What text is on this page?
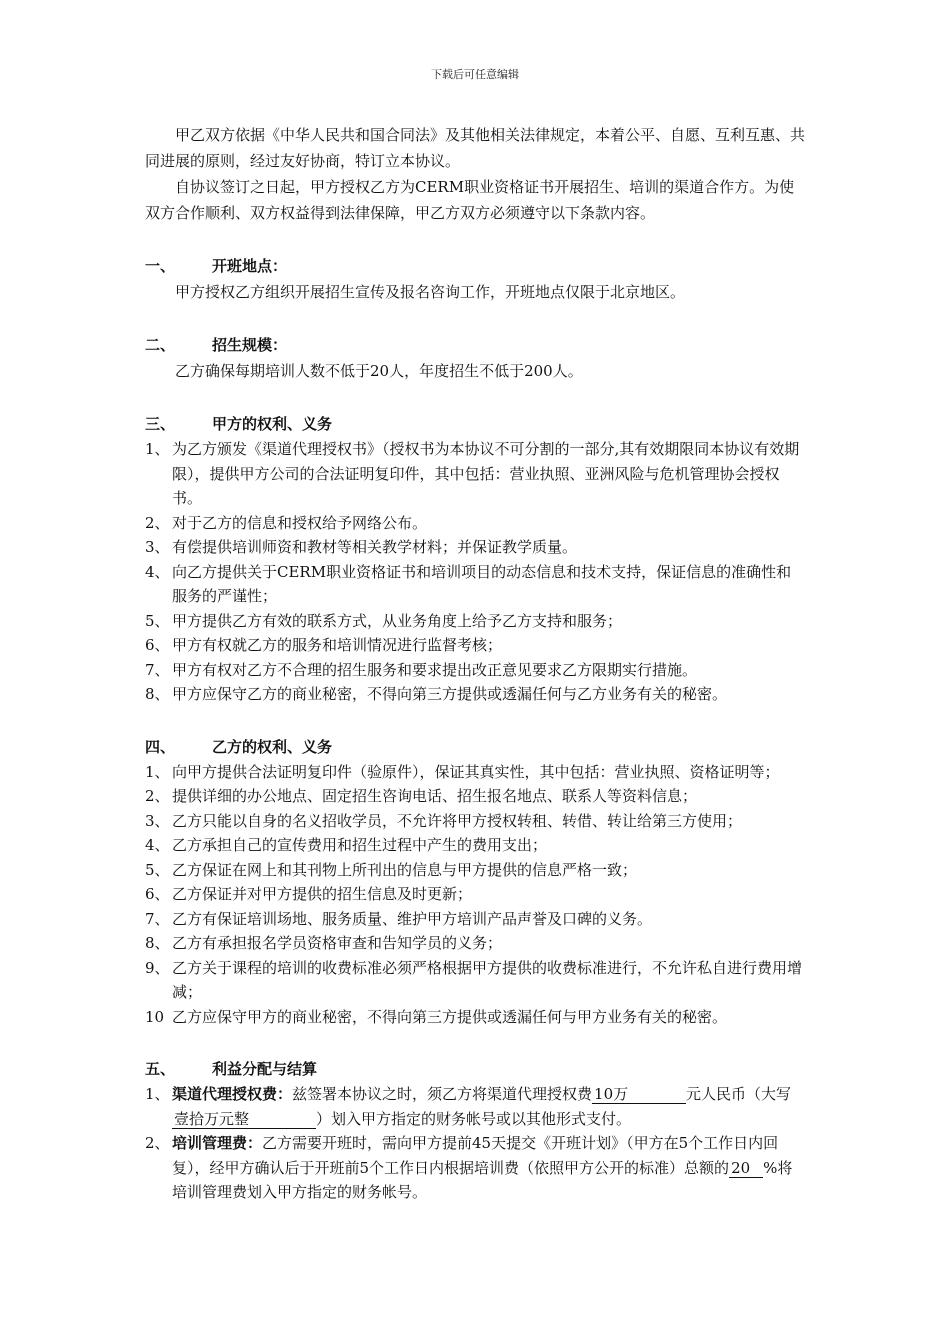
下载后可任意编辑

甲乙双方依据《中华人民共和国合同法》及其他相关法律规定，本着公平、自愿、互利互惠、共同进展的原则，经过友好协商，特订立本协议。

自协议签订之日起，甲方授权乙方为CERM职业资格证书开展招生、培训的渠道合作方。为使双方合作顺利、双方权益得到法律保障，甲乙方双方必须遵守以下条款内容。

一、 开班地点：

甲方授权乙方组织开展招生宣传及报名咨询工作，开班地点仅限于北京地区。

二、 招生规模：

乙方确保每期培训人数不低于20人，年度招生不低于200人。

三、 甲方的权利、义务

1、 为乙方颁发《渠道代理授权书》（授权书为本协议不可分割的一部分,其有效期限同本协议有效期限），提供甲方公司的合法证明复印件，其中包括：营业执照、亚洲风险与危机管理协会授权书。

2、 对于乙方的信息和授权给予网络公布。

3、 有偿提供培训师资和教材等相关教学材料；并保证教学质量。

4、 向乙方提供关于CERM职业资格证书和培训项目的动态信息和技术支持，保证信息的准确性和服务的严谨性；

5、 甲方提供乙方有效的联系方式，从业务角度上给予乙方支持和服务；

6、 甲方有权就乙方的服务和培训情况进行监督考核；

7、 甲方有权对乙方不合理的招生服务和要求提出改正意见要求乙方限期实行措施。

8、 甲方应保守乙方的商业秘密，不得向第三方提供或透漏任何与乙方业务有关的秘密。

四、 乙方的权利、义务

1、 向甲方提供合法证明复印件（验原件），保证其真实性，其中包括：营业执照、资格证明等；

2、 提供详细的办公地点、固定招生咨询电话、招生报名地点、联系人等资料信息；

3、 乙方只能以自身的名义招收学员，不允许将甲方授权转租、转借、转让给第三方使用；

4、 乙方承担自己的宣传费用和招生过程中产生的费用支出；

5、 乙方保证在网上和其刊物上所刊出的信息与甲方提供的信息严格一致；

6、 乙方保证并对甲方提供的招生信息及时更新；

7、 乙方有保证培训场地、服务质量、维护甲方培训产品声誉及口碑的义务。

8、 乙方有承担报名学员资格审查和告知学员的义务；

9、 乙方关于课程的培训的收费标准必须严格根据甲方提供的收费标准进行，不允许私自进行费用增减；

10 乙方应保守甲方的商业秘密，不得向第三方提供或透漏任何与甲方业务有关的秘密。

五、 利益分配与结算

1、 渠道代理授权费：兹签署本协议之时，须乙方将渠道代理授权费 10万	元人民币（大写壹拾万元整	）划入甲方指定的财务帐号或以其他形式支付。

2、 培训管理费：乙方需要开班时，需向甲方提前45天提交《开班计划》（甲方在5个工作日内回复），经甲方确认后于开班前5个工作日内根据培训费（依照甲方公开的标准）总额的 20 %将培训管理费划入甲方指定的财务帐号。
